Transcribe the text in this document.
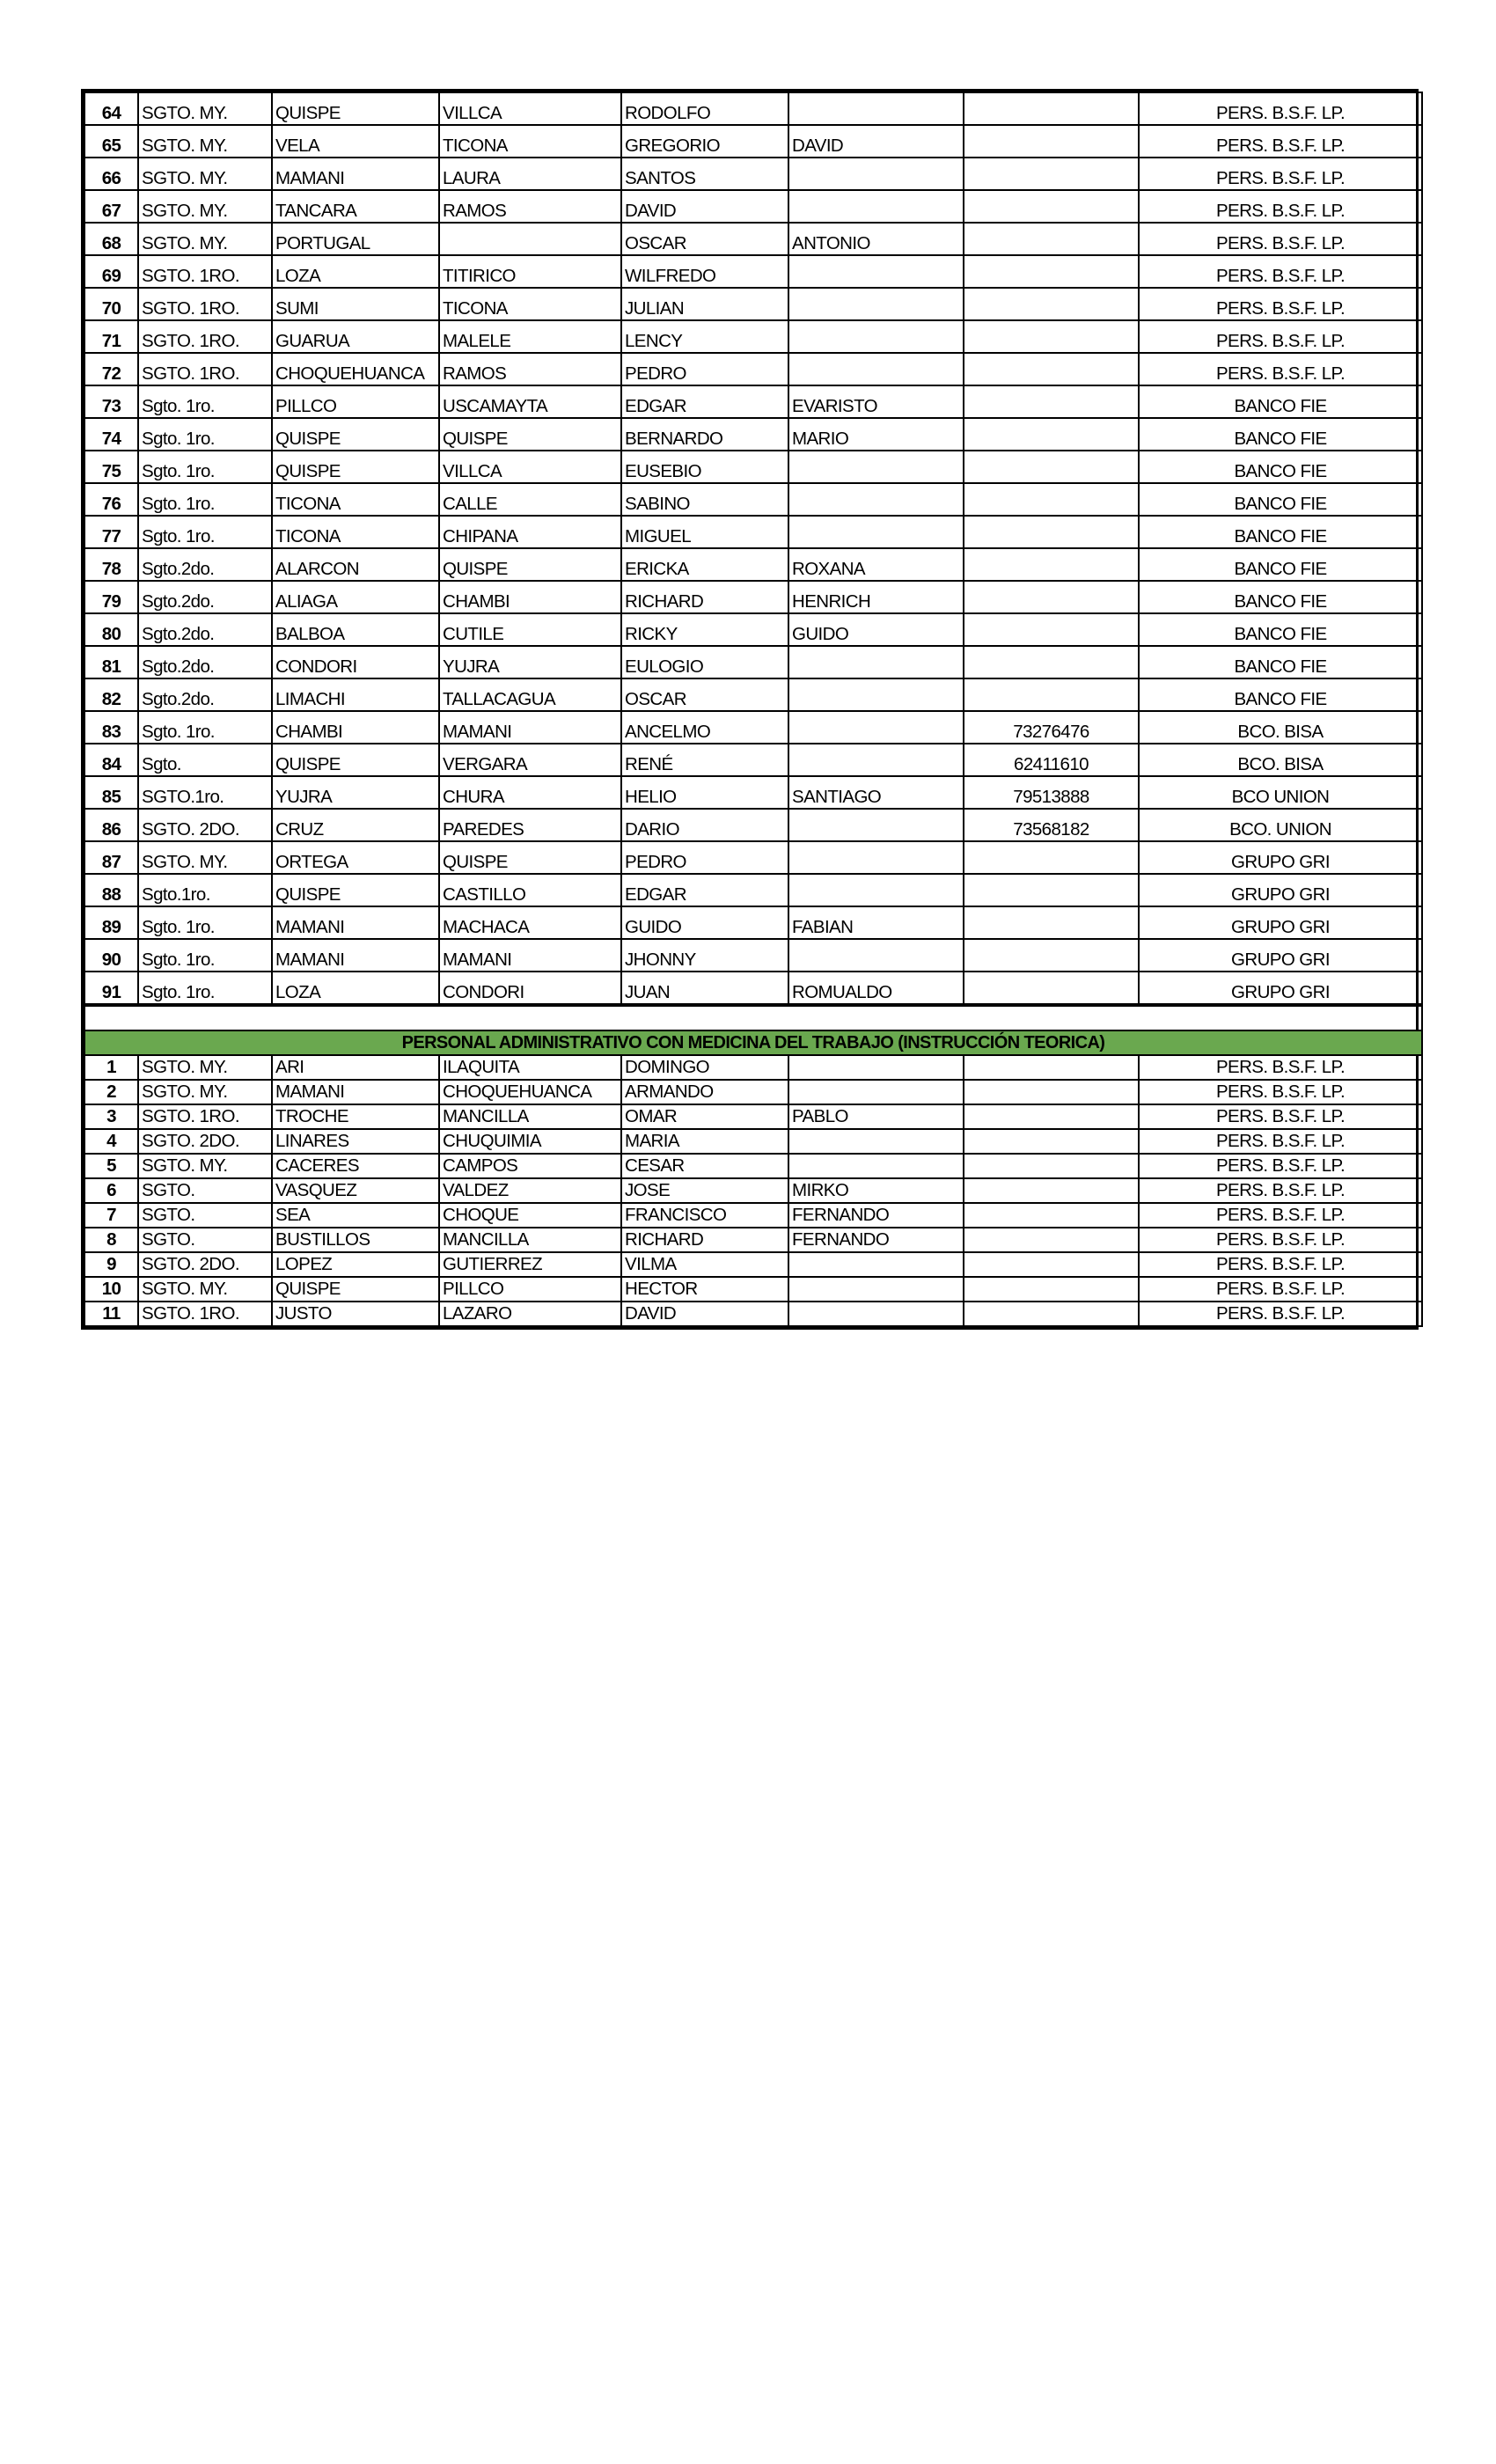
64	SGTO. MY.	QUISPE	VILLCA	RODOLFO			PERS. B.S.F. LP.
65	SGTO. MY.	VELA	TICONA	GREGORIO	DAVID		PERS. B.S.F. LP.
66	SGTO. MY.	MAMANI	LAURA	SANTOS			PERS. B.S.F. LP.
67	SGTO. MY.	TANCARA	RAMOS	DAVID			PERS. B.S.F. LP.
68	SGTO. MY.	PORTUGAL		OSCAR	ANTONIO		PERS. B.S.F. LP.
69	SGTO. 1RO.	LOZA	TITIRICO	WILFREDO			PERS. B.S.F. LP.
70	SGTO. 1RO.	SUMI	TICONA	JULIAN			PERS. B.S.F. LP.
71	SGTO. 1RO.	GUARUA	MALELE	LENCY			PERS. B.S.F. LP.
72	SGTO. 1RO.	CHOQUEHUANCA	RAMOS	PEDRO			PERS. B.S.F. LP.
73	Sgto. 1ro.	PILLCO	USCAMAYTA	EDGAR	EVARISTO		BANCO FIE
74	Sgto. 1ro.	QUISPE	QUISPE	BERNARDO	MARIO		BANCO FIE
75	Sgto. 1ro.	QUISPE	VILLCA	EUSEBIO			BANCO FIE
76	Sgto. 1ro.	TICONA	CALLE	SABINO			BANCO FIE
77	Sgto. 1ro.	TICONA	CHIPANA	MIGUEL			BANCO FIE
78	Sgto.2do.	ALARCON	QUISPE	ERICKA	ROXANA		BANCO FIE
79	Sgto.2do.	ALIAGA	CHAMBI	RICHARD	HENRICH		BANCO FIE
80	Sgto.2do.	BALBOA	CUTILE	RICKY	GUIDO		BANCO FIE
81	Sgto.2do.	CONDORI	YUJRA	EULOGIO			BANCO FIE
82	Sgto.2do.	LIMACHI	TALLACAGUA	OSCAR			BANCO FIE
83	Sgto. 1ro.	CHAMBI	MAMANI	ANCELMO		73276476	BCO. BISA
84	Sgto.	QUISPE	VERGARA	RENÉ		62411610	BCO. BISA
85	SGTO.1ro.	YUJRA	CHURA	HELIO	SANTIAGO	79513888	BCO UNION
86	SGTO. 2DO.	CRUZ	PAREDES	DARIO		73568182	BCO. UNION
87	SGTO. MY.	ORTEGA	QUISPE	PEDRO			GRUPO GRI
88	Sgto.1ro.	QUISPE	CASTILLO	EDGAR			GRUPO GRI
89	Sgto. 1ro.	MAMANI	MACHACA	GUIDO	FABIAN		GRUPO GRI
90	Sgto. 1ro.	MAMANI	MAMANI	JHONNY			GRUPO GRI
91	Sgto. 1ro.	LOZA	CONDORI	JUAN	ROMUALDO		GRUPO GRI

PERSONAL ADMINISTRATIVO CON MEDICINA DEL TRABAJO (INSTRUCCIÓN TEORICA)							
1	SGTO. MY.	ARI	ILAQUITA	DOMINGO			PERS. B.S.F. LP.
2	SGTO. MY.	MAMANI	CHOQUEHUANCA	ARMANDO			PERS. B.S.F. LP.
3	SGTO. 1RO.	TROCHE	MANCILLA	OMAR	PABLO		PERS. B.S.F. LP.
4	SGTO. 2DO.	LINARES	CHUQUIMIA	MARIA			PERS. B.S.F. LP.
5	SGTO. MY.	CACERES	CAMPOS	CESAR			PERS. B.S.F. LP.
6	SGTO.	VASQUEZ	VALDEZ	JOSE	MIRKO		PERS. B.S.F. LP.
7	SGTO.	SEA	CHOQUE	FRANCISCO	FERNANDO		PERS. B.S.F. LP.
8	SGTO.	BUSTILLOS	MANCILLA	RICHARD	FERNANDO		PERS. B.S.F. LP.
9	SGTO. 2DO.	LOPEZ	GUTIERREZ	VILMA			PERS. B.S.F. LP.
10	SGTO. MY.	QUISPE	PILLCO	HECTOR			PERS. B.S.F. LP.
11	SGTO. 1RO.	JUSTO	LAZARO	DAVID			PERS. B.S.F. LP.
